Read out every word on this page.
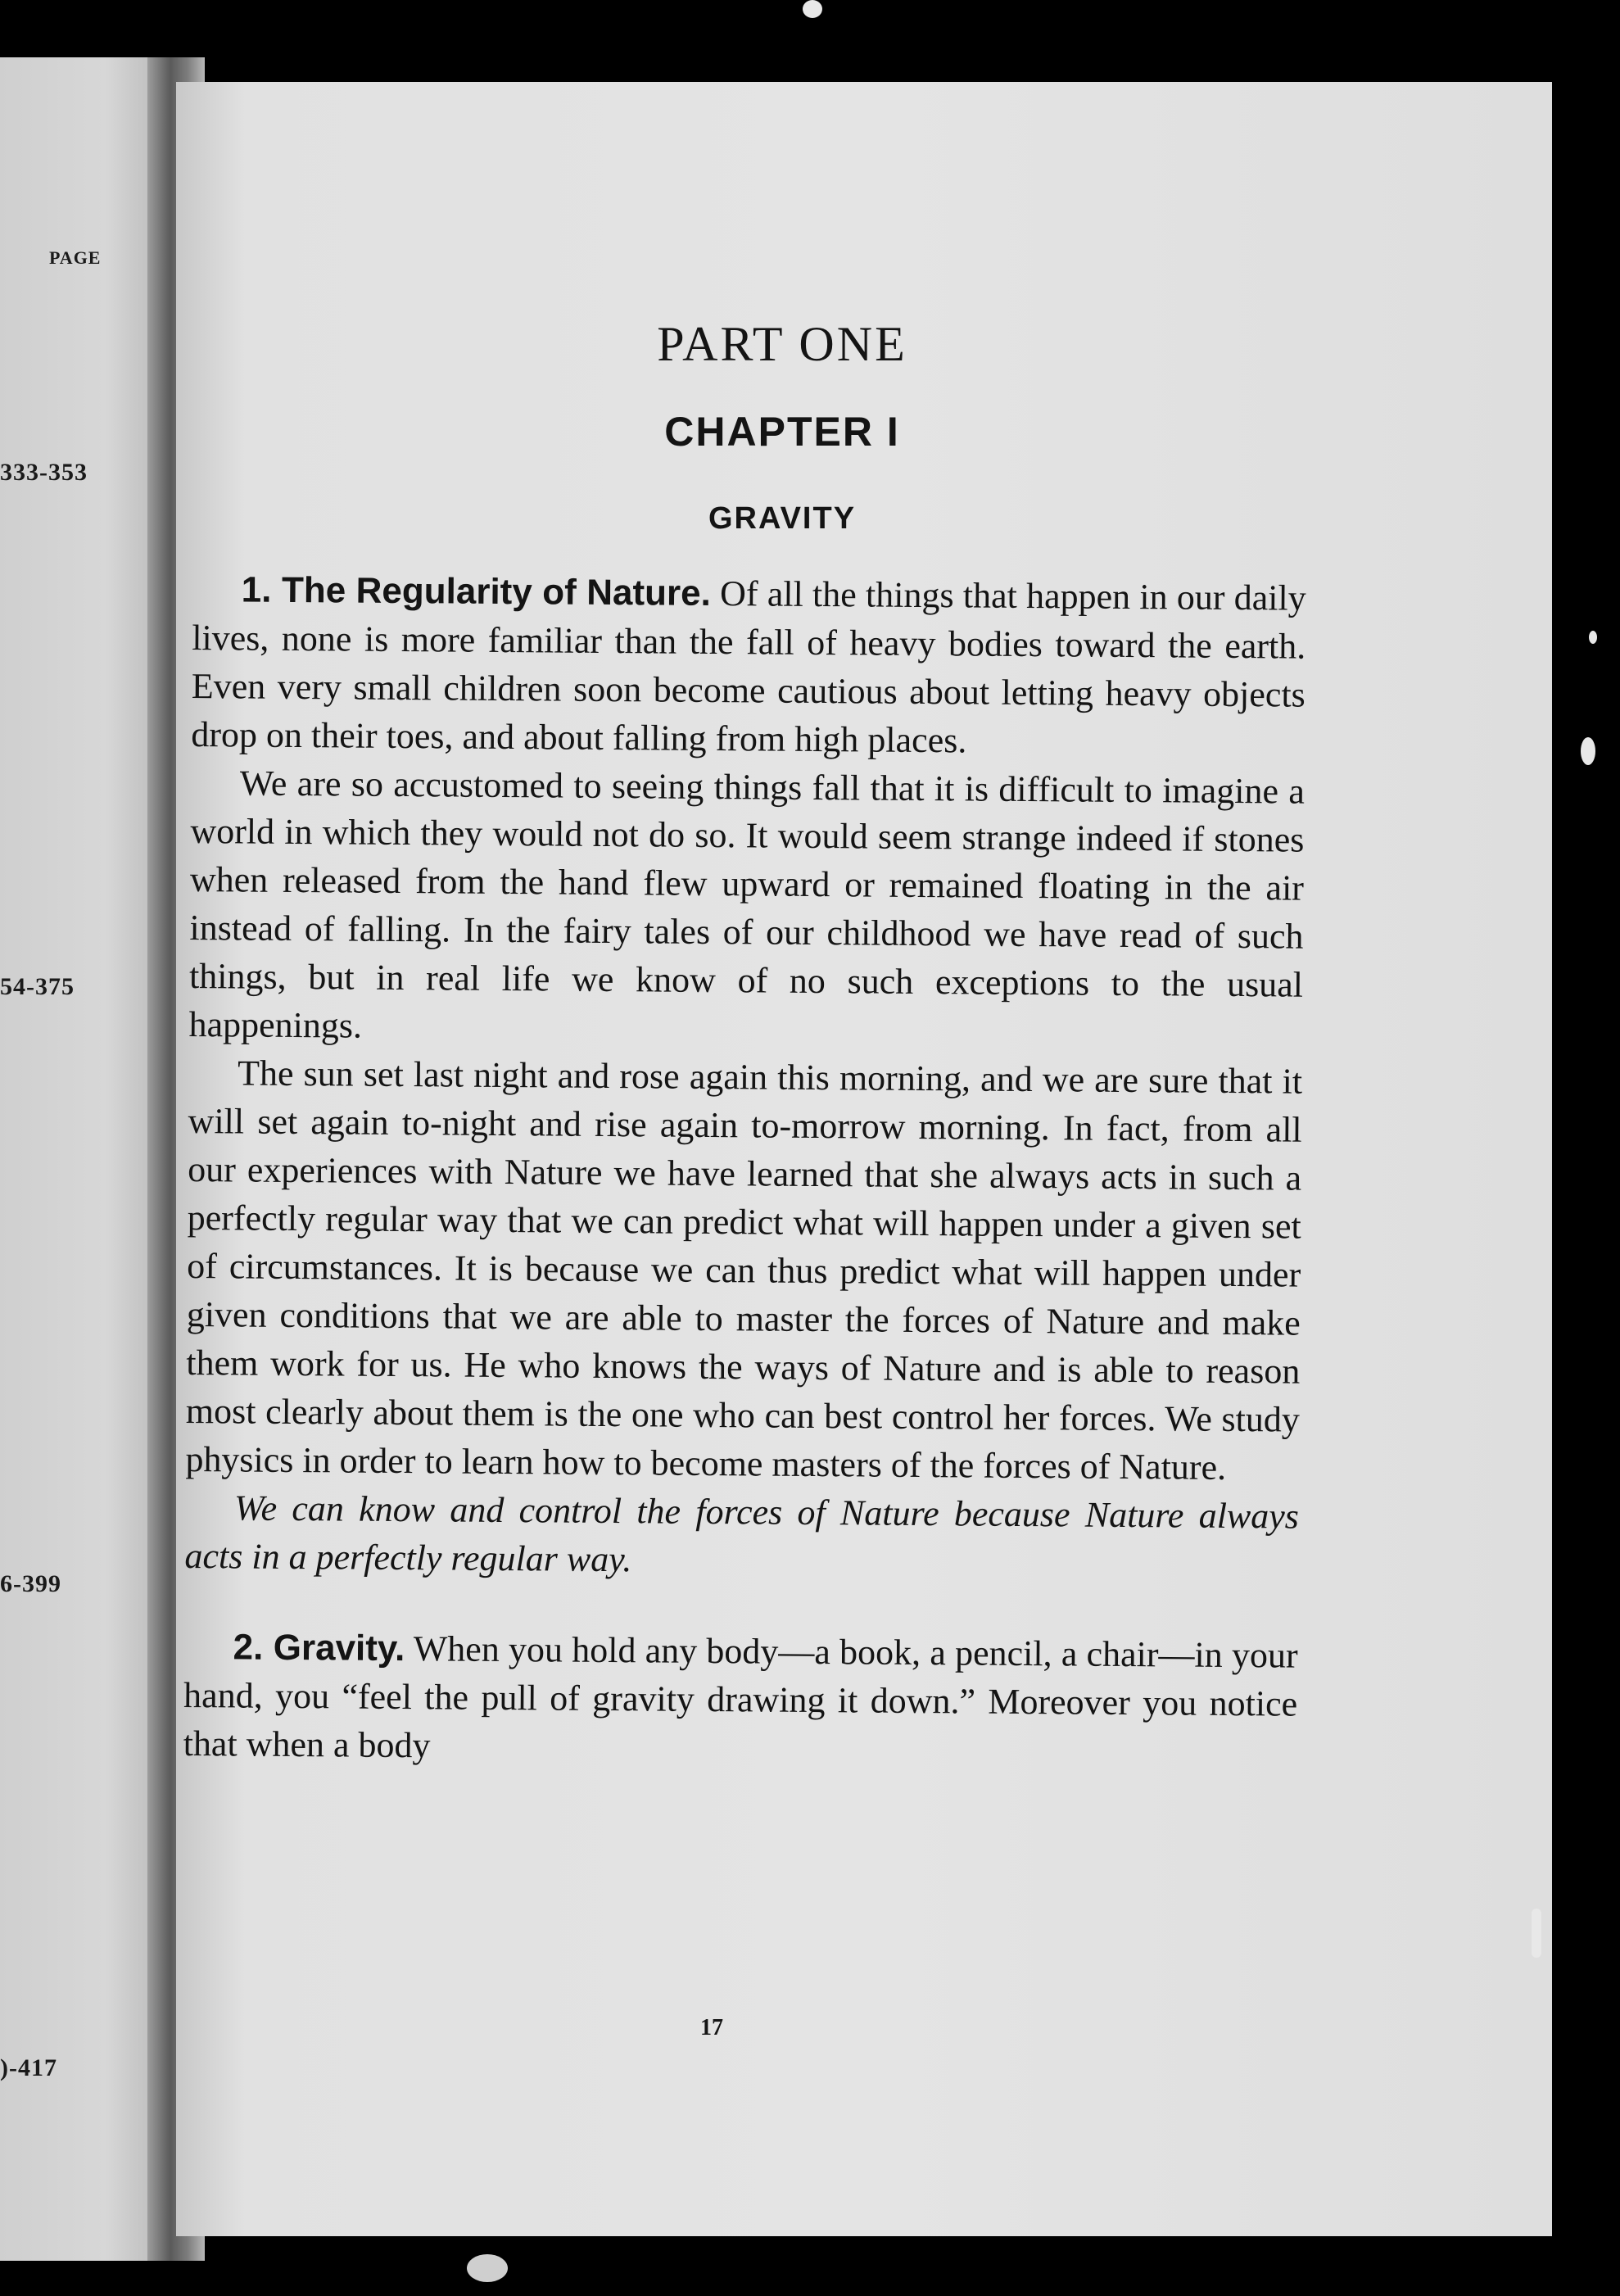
PAGE
333-353
54-375
6-399
)-417
PART ONE
CHAPTER I
GRAVITY

1. The Regularity of Nature. Of all the things that happen in our daily lives, none is more familiar than the fall of heavy bodies toward the earth. Even very small children soon become cautious about letting heavy objects drop on their toes, and about falling from high places.

We are so accustomed to seeing things fall that it is difficult to imagine a world in which they would not do so. It would seem strange indeed if stones when released from the hand flew upward or remained floating in the air instead of falling. In the fairy tales of our childhood we have read of such things, but in real life we know of no such exceptions to the usual happenings.

The sun set last night and rose again this morning, and we are sure that it will set again to-night and rise again to-morrow morning. In fact, from all our experiences with Nature we have learned that she always acts in such a perfectly regular way that we can predict what will happen under a given set of circumstances. It is because we can thus predict what will happen under given conditions that we are able to master the forces of Nature and make them work for us. He who knows the ways of Nature and is able to reason most clearly about them is the one who can best control her forces. We study physics in order to learn how to become masters of the forces of Nature.

We can know and control the forces of Nature because Nature always acts in a perfectly regular way.

2. Gravity. When you hold any body—a book, a pencil, a chair—in your hand, you “feel the pull of gravity drawing it down.” Moreover you notice that when a body

17
